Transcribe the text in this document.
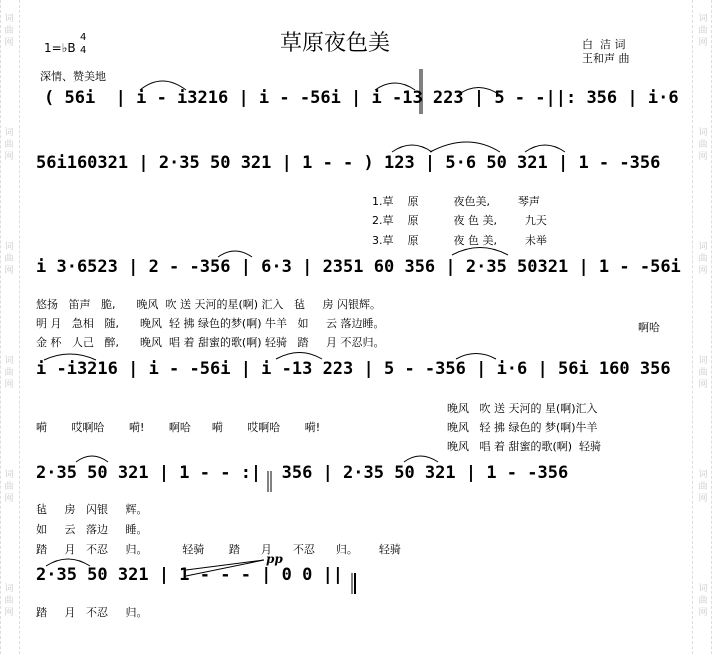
词
曲
网
词
曲
网
词
曲
网
词
曲
网
词
曲
网
词
曲
网
词
曲
网
词
曲
网
词
曲
网
词
曲
网
词
曲
网
词
曲
网
1=♭B
4
4	草原夜色美	白  洁 词
王和声 曲
深情、赞美地
( 56i  | i - i3216 | i - -56i | i -13 223 | 5 - -||: 356 | i·6
56i160321 | 2·35 50 321 | 1 - - ) 123 | 5·6 50 321 | 1 - -356
i 3·6523 | 2 - -356 | 6·3 | 2351 60 356 | 2·35 50321 | 1 - -56i
i -i3216 | i - -56i | i -13 223 | 5 - -356 | i·6 | 56i 160 356
2·35 50 321 | 1 - - :|  356 | 2·35 50 321 | 1 - -356
2·35 50 321 | 1 - - - | 0 0 ||
pp
1.草    原          夜色美,        琴声
2.草    原          夜 色 美,        九天
3.草    原          夜 色 美,        未举
悠扬   笛声   脆,      晚风  吹 送 天河的星(啊) 汇入   毡     房 闪银辉。
明 月   急相   随,      晚风  轻 拂 绿色的梦(啊) 牛羊   如     云 落边睡。
金 杯   人己   醉,      晚风  唱 着 甜蜜的歌(啊) 轻骑   踏     月 不忍归。
啊哈
晚风   吹 送 天河的 星(啊)汇入
嗬       哎啊哈       嗬!       啊哈      嗬       哎啊哈       嗬!	晚风   轻 拂 绿色的 梦(啊)牛羊
晚风   唱 着 甜蜜的歌(啊)  轻骑
毡     房   闪银     辉。
如     云   落边     睡。
踏     月   不忍     归。          轻骑       踏      月      不忍      归。      轻骑
踏     月   不忍     归。
